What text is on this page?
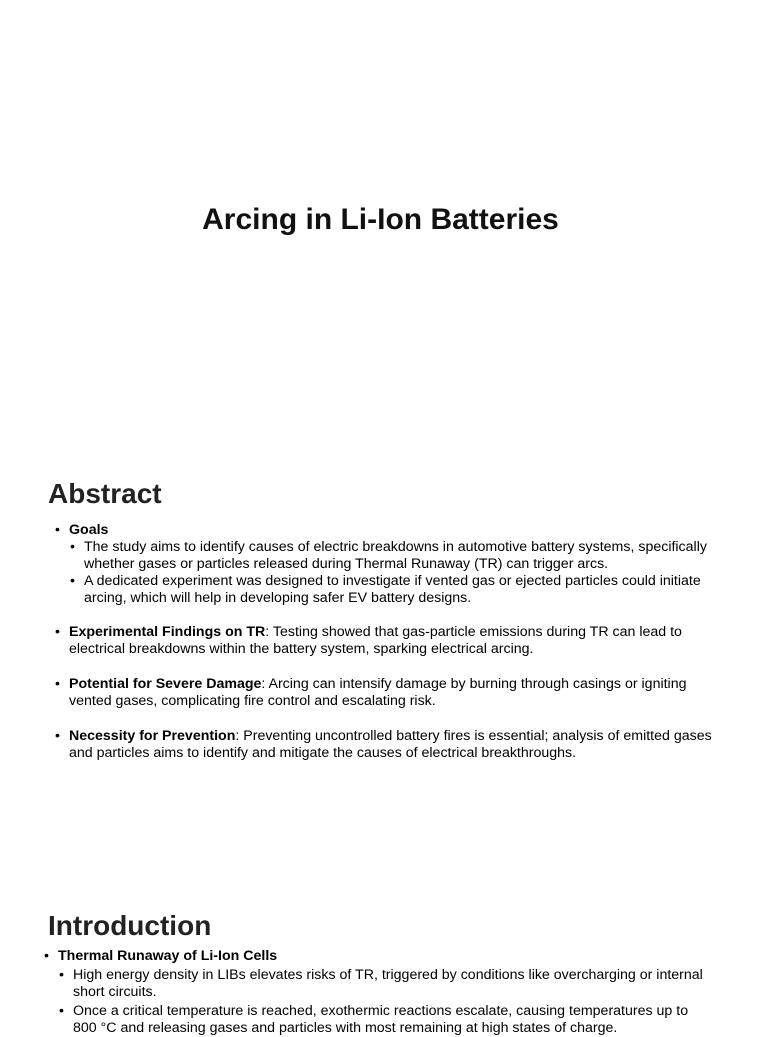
Arcing in Li-Ion Batteries
Abstract
• Goals
• The study aims to identify causes of electric breakdowns in automotive battery systems, specifically whether gases or particles released during Thermal Runaway (TR) can trigger arcs.
• A dedicated experiment was designed to investigate if vented gas or ejected particles could initiate arcing, which will help in developing safer EV battery designs.
• Experimental Findings on TR: Testing showed that gas-particle emissions during TR can lead to electrical breakdowns within the battery system, sparking electrical arcing.
• Potential for Severe Damage: Arcing can intensify damage by burning through casings or igniting vented gases, complicating fire control and escalating risk.
• Necessity for Prevention: Preventing uncontrolled battery fires is essential; analysis of emitted gases and particles aims to identify and mitigate the causes of electrical breakthroughs.
Introduction
• Thermal Runaway of Li-Ion Cells
• High energy density in LIBs elevates risks of TR, triggered by conditions like overcharging or internal short circuits.
• Once a critical temperature is reached, exothermic reactions escalate, causing temperatures up to 800 °C and releasing gases and particles with most remaining at high states of charge.
